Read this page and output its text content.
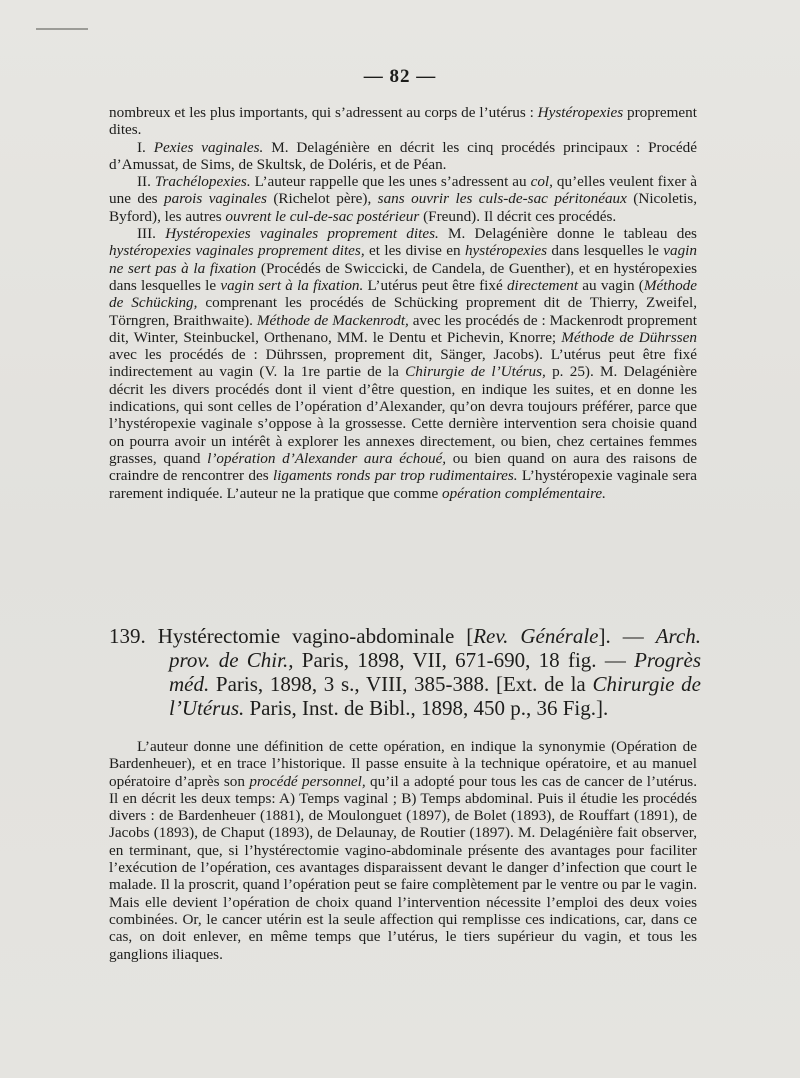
— 82 —

nombreux et les plus importants, qui s’adressent au corps de l’utérus : Hystéropexies proprement dites.

I. Pexies vaginales. M. Delagénière en décrit les cinq procédés principaux : Procédé d’Amussat, de Sims, de Skultsk, de Doléris, et de Péan.

II. Trachélopexies. L’auteur rappelle que les unes s’adressent au col, qu’elles veulent fixer à une des parois vaginales (Richelot père), sans ouvrir les culs-de-sac péritonéaux (Nicoletis, Byford), les autres ouvrent le cul-de-sac postérieur (Freund). Il décrit ces procédés.

III. Hystéropexies vaginales proprement dites. M. Delagénière donne le tableau des hystéropexies vaginales proprement dites, et les divise en hystéropexies dans lesquelles le vagin ne sert pas à la fixation (Procédés de Swiccicki, de Candela, de Guenther), et en hystéropexies dans lesquelles le vagin sert à la fixation. L’utérus peut être fixé directement au vagin (Méthode de Schücking, comprenant les procédés de Schücking proprement dit de Thierry, Zweifel, Törngren, Braithwaite). Méthode de Mackenrodt, avec les procédés de : Mackenrodt proprement dit, Winter, Steinbuckel, Orthenano, MM. le Dentu et Pichevin, Knorre; Méthode de Dührssen avec les procédés de : Dührssen, proprement dit, Sänger, Jacobs). L’utérus peut être fixé indirectement au vagin (V. la 1re partie de la Chirurgie de l’Utérus, p. 25). M. Delagénière décrit les divers procédés dont il vient d’être question, en indique les suites, et en donne les indications, qui sont celles de l’opération d’Alexander, qu’on devra toujours préférer, parce que l’hystéropexie vaginale s’oppose à la grossesse. Cette dernière intervention sera choisie quand on pourra avoir un intérêt à explorer les annexes directement, ou bien, chez certaines femmes grasses, quand l’opération d’Alexander aura échoué, ou bien quand on aura des raisons de craindre de rencontrer des ligaments ronds par trop rudimentaires. L’hystéropexie vaginale sera rarement indiquée. L’auteur ne la pratique que comme opération complémentaire.

139. Hystérectomie vagino-abdominale [Rev. Générale]. — Arch. prov. de Chir., Paris, 1898, VII, 671-690, 18 fig. — Progrès méd. Paris, 1898, 3 s., VIII, 385-388. [Ext. de la Chirurgie de l’Utérus. Paris, Inst. de Bibl., 1898, 450 p., 36 Fig.].

L’auteur donne une définition de cette opération, en indique la synonymie (Opération de Bardenheuer), et en trace l’historique. Il passe ensuite à la technique opératoire, et au manuel opératoire d’après son procédé personnel, qu’il a adopté pour tous les cas de cancer de l’utérus. Il en décrit les deux temps: A) Temps vaginal ; B) Temps abdominal. Puis il étudie les procédés divers : de Bardenheuer (1881), de Moulonguet (1897), de Bolet (1893), de Rouffart (1891), de Jacobs (1893), de Chaput (1893), de Delaunay, de Routier (1897). M. Delagénière fait observer, en terminant, que, si l’hystérectomie vagino-abdominale présente des avantages pour faciliter l’exécution de l’opération, ces avantages disparaissent devant le danger d’infection que court le malade. Il la proscrit, quand l’opération peut se faire complètement par le ventre ou par le vagin. Mais elle devient l’opération de choix quand l’intervention nécessite l’emploi des deux voies combinées. Or, le cancer utérin est la seule affection qui remplisse ces indications, car, dans ce cas, on doit enlever, en même temps que l’utérus, le tiers supérieur du vagin, et tous les ganglions iliaques.
